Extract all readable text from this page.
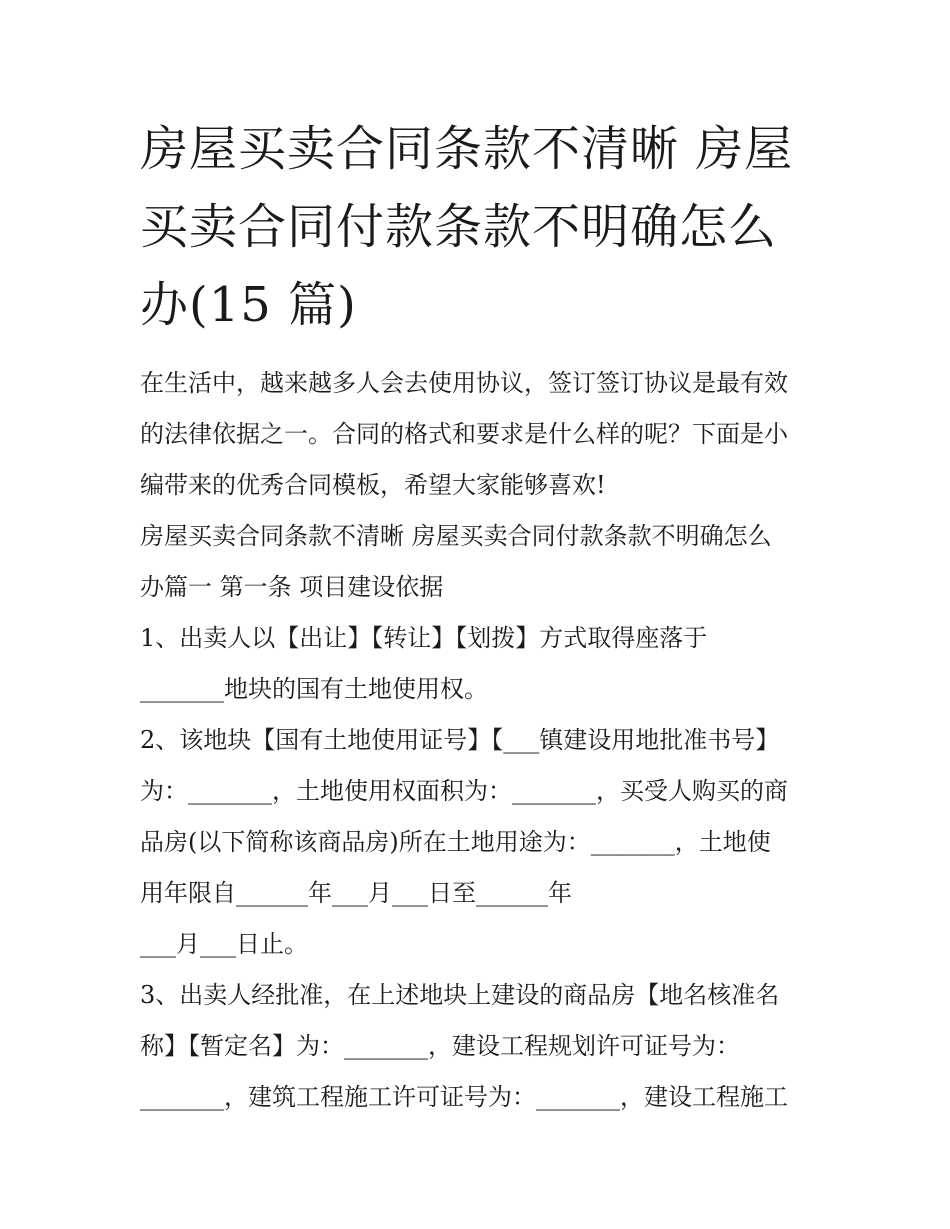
房屋买卖合同条款不清晰 房屋
买卖合同付款条款不明确怎么
办(15 篇)

在生活中，越来越多人会去使用协议，签订签订协议是最有效
的法律依据之一。合同的格式和要求是什么样的呢？下面是小
编带来的优秀合同模板，希望大家能够喜欢!

房屋买卖合同条款不清晰 房屋买卖合同付款条款不明确怎么
办篇一 第一条 项目建设依据

1、出卖人以【出让】【转让】【划拨】方式取得座落于
_______地块的国有土地使用权。

2、该地块【国有土地使用证号】【___镇建设用地批准书号】
为：_______，土地使用权面积为：_______，买受人购买的商
品房(以下简称该商品房)所在土地用途为：_______，土地使
用年限自______年___月___日至______年
___月___日止。

3、出卖人经批准，在上述地块上建设的商品房【地名核准名
称】【暂定名】为：_______，建设工程规划许可证号为：
_______，建筑工程施工许可证号为：_______，建设工程施工
